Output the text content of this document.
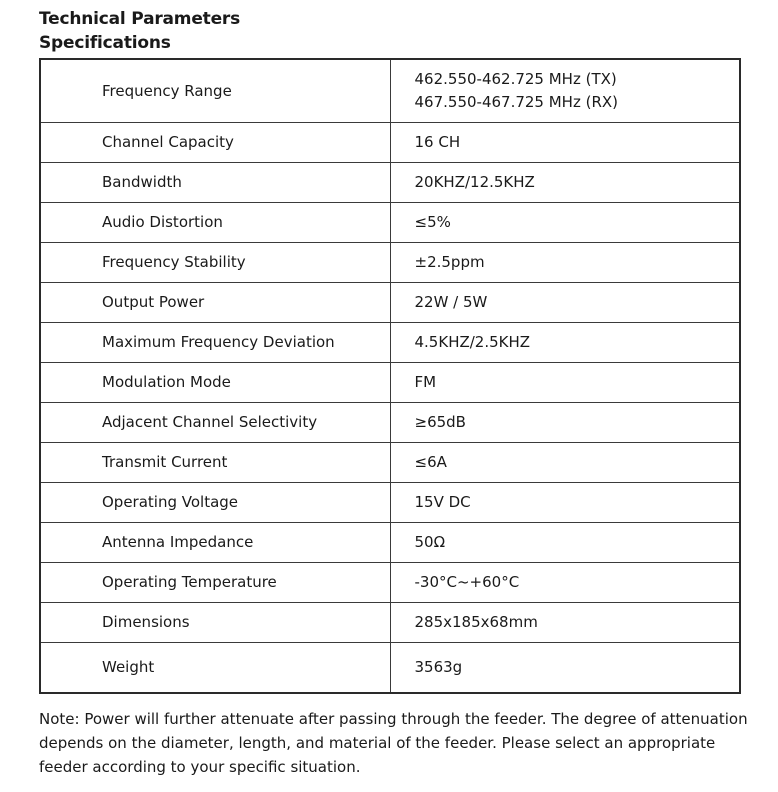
Technical Parameters
Specifications
Frequency Range	462.550-462.725 MHz (TX)
467.550-467.725 MHz (RX)

Channel Capacity	16 CH
Bandwidth	20KHZ/12.5KHZ
Audio Distortion	≤5%
Frequency Stability	±2.5ppm
Output Power	22W / 5W
Maximum Frequency Deviation	4.5KHZ/2.5KHZ
Modulation Mode	FM
Adjacent Channel Selectivity	≥65dB
Transmit Current	≤6A
Operating Voltage	15V DC
Antenna Impedance	50Ω
Operating Temperature	-30°C~+60°C
Dimensions	285x185x68mm
Weight	3563g
Note: Power will further attenuate after passing through the feeder. The degree of attenuation depends on the diameter, length, and material of the feeder. Please select an appropriate feeder according to your specific situation.
